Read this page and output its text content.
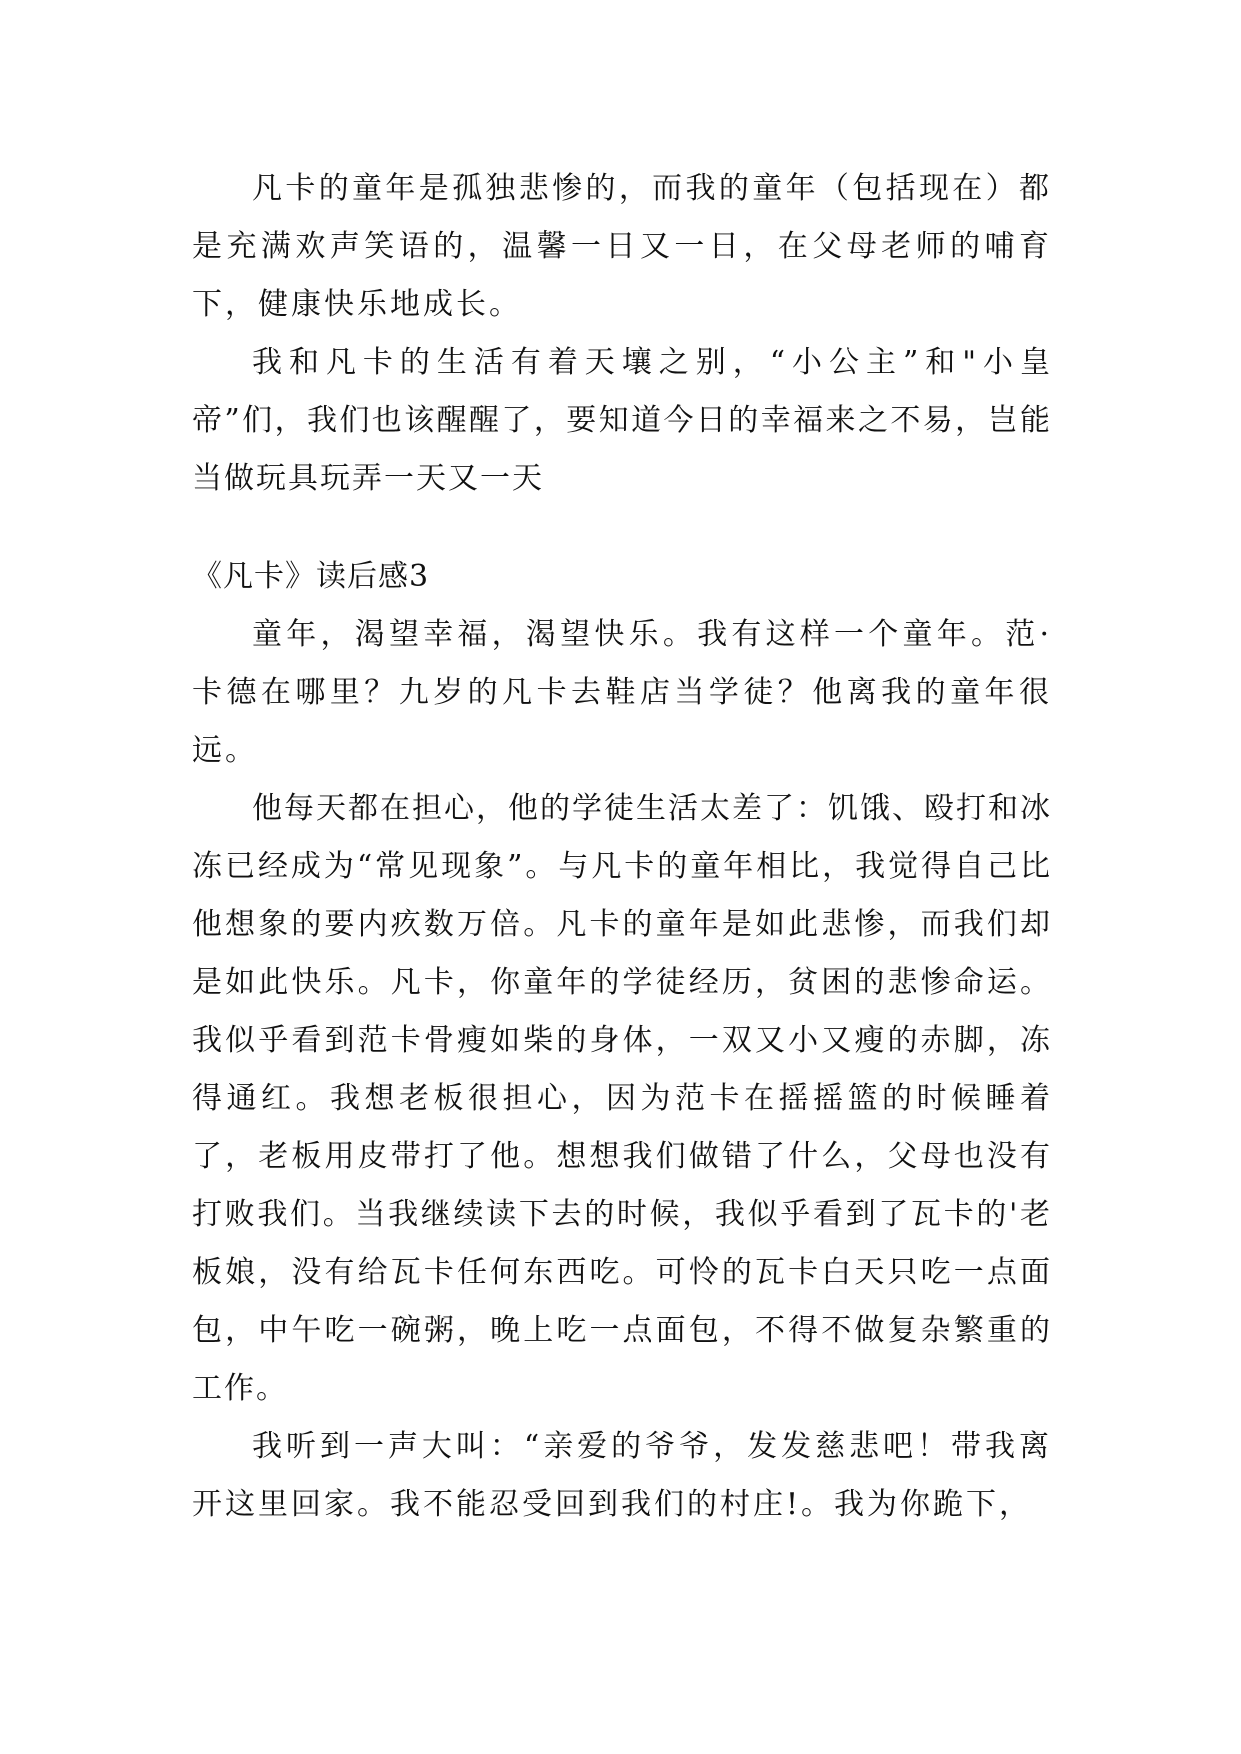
凡卡的童年是孤独悲惨的，而我的童年（包括现在）都是充满欢声笑语的，温馨一日又一日，在父母老师的哺育下，健康快乐地成长。

我和凡卡的生活有着天壤之别，“小公主”和"小皇帝”们，我们也该醒醒了，要知道今日的幸福来之不易，岂能当做玩具玩弄一天又一天

《凡卡》读后感3

童年，渴望幸福，渴望快乐。我有这样一个童年。范·卡德在哪里？九岁的凡卡去鞋店当学徒？他离我的童年很远。

他每天都在担心，他的学徒生活太差了：饥饿、殴打和冰冻已经成为“常见现象”。与凡卡的童年相比，我觉得自己比他想象的要内疚数万倍。凡卡的童年是如此悲惨，而我们却是如此快乐。凡卡，你童年的学徒经历，贫困的悲惨命运。我似乎看到范卡骨瘦如柴的身体，一双又小又瘦的赤脚，冻得通红。我想老板很担心，因为范卡在摇摇篮的时候睡着了，老板用皮带打了他。想想我们做错了什么，父母也没有打败我们。当我继续读下去的时候，我似乎看到了瓦卡的'老板娘，没有给瓦卡任何东西吃。可怜的瓦卡白天只吃一点面包，中午吃一碗粥，晚上吃一点面包，不得不做复杂繁重的工作。

我听到一声大叫：“亲爱的爷爷，发发慈悲吧！带我离开这里回家。我不能忍受回到我们的村庄!。我为你跪下，
